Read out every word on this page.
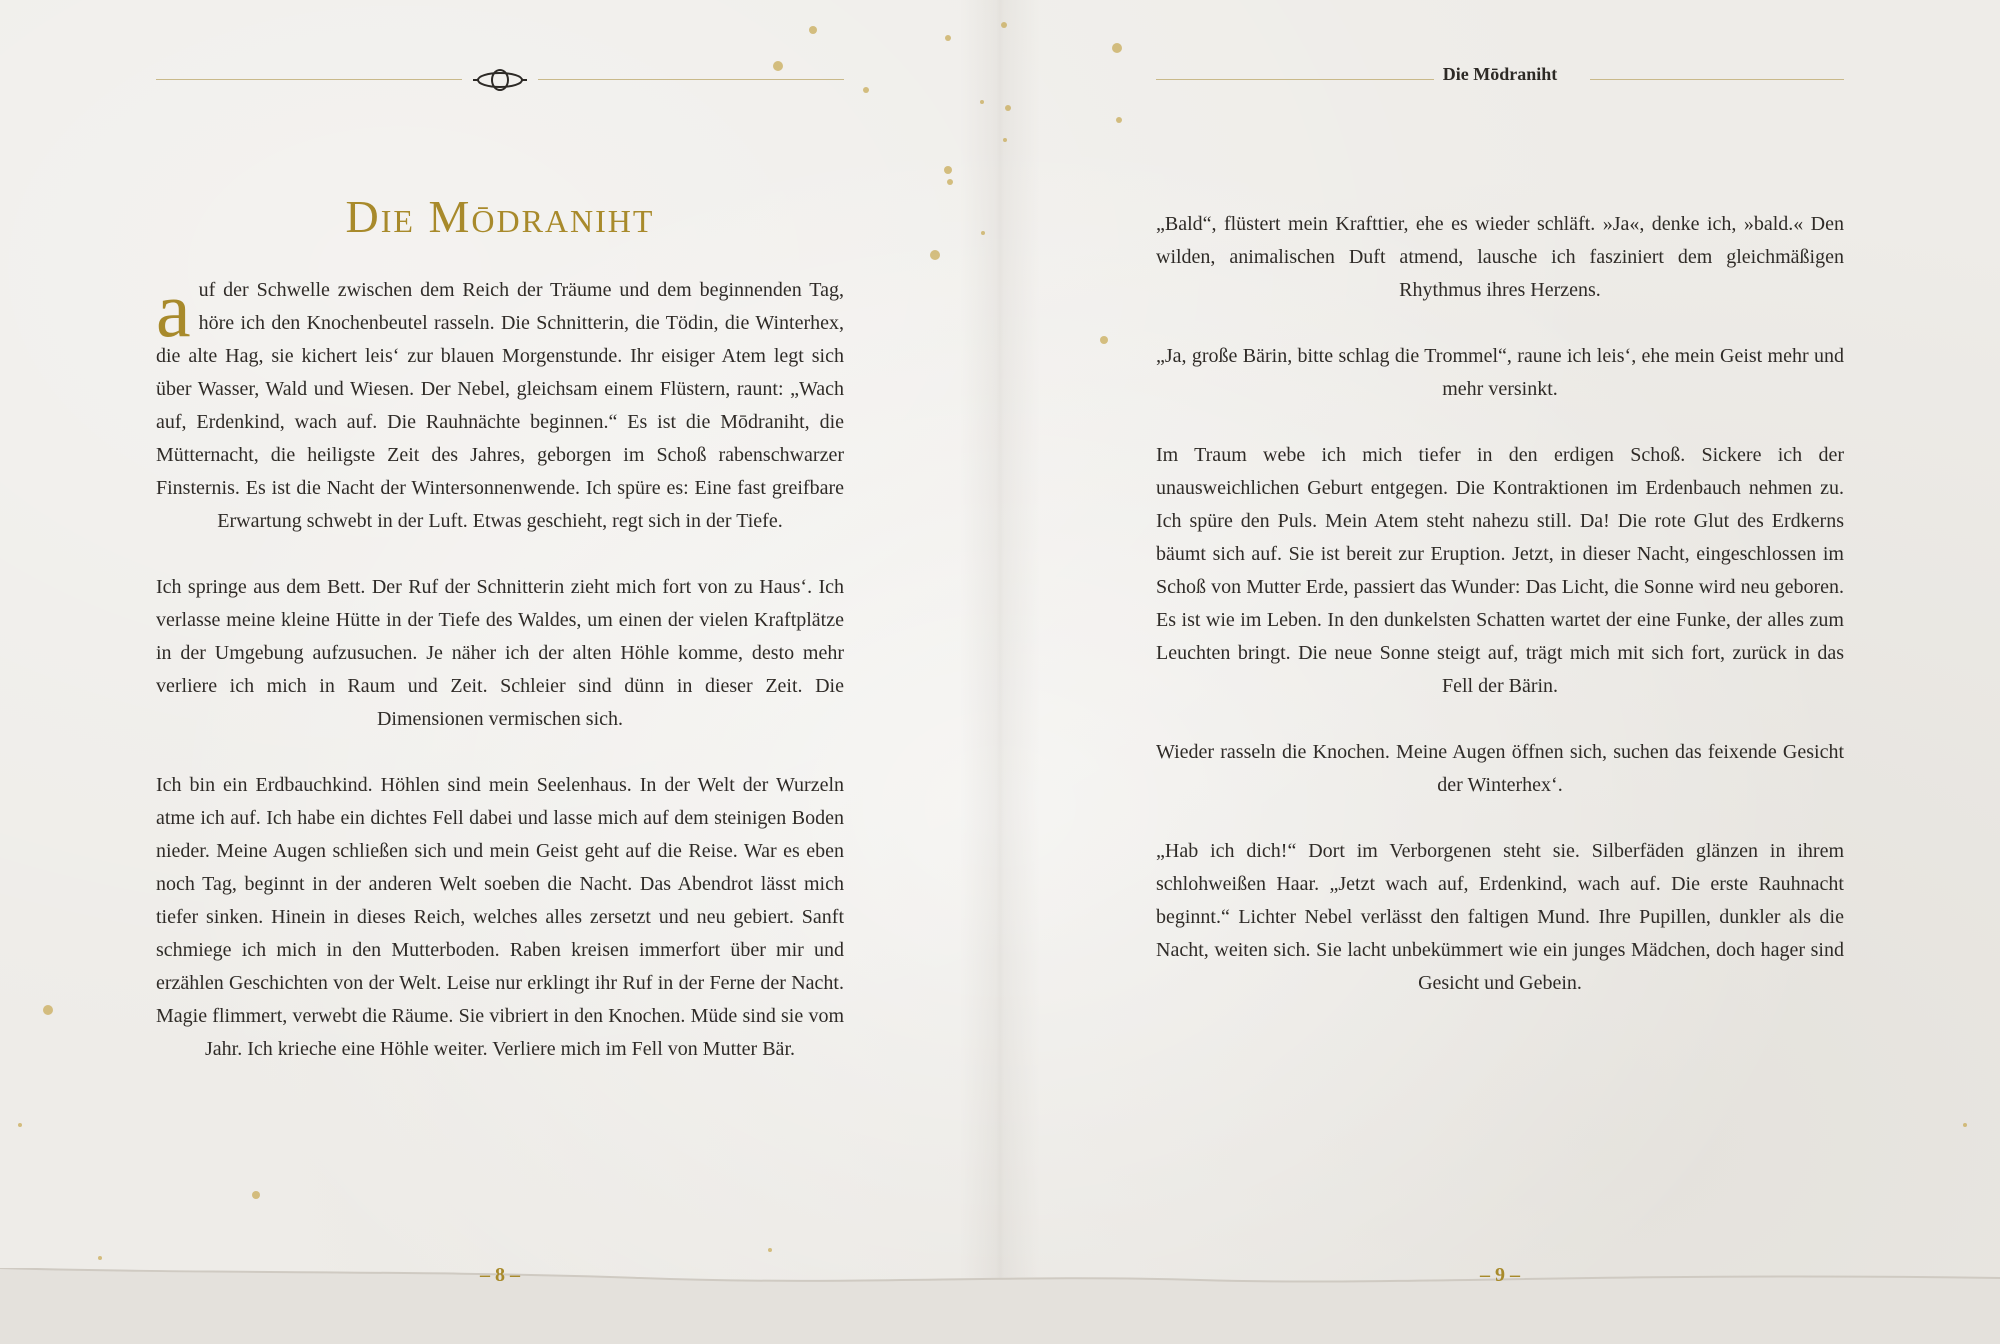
Die Mōdraniht

auf der Schwelle zwischen dem Reich der Träume und dem beginnenden Tag, höre ich den Knochenbeutel rasseln. Die Schnitterin, die Tödin, die Winterhex, die alte Hag, sie kichert leis‘ zur blauen Morgenstunde. Ihr eisiger Atem legt sich über Wasser, Wald und Wiesen. Der Nebel, gleichsam einem Flüstern, raunt: „Wach auf, Erdenkind, wach auf. Die Rauhnächte beginnen.“ Es ist die Mōdraniht, die Mütternacht, die heiligste Zeit des Jahres, geborgen im Schoß rabenschwarzer Finsternis. Es ist die Nacht der Wintersonnenwende. Ich spüre es: Eine fast greifbare Erwartung schwebt in der Luft. Etwas geschieht, regt sich in der Tiefe.

Ich springe aus dem Bett. Der Ruf der Schnitterin zieht mich fort von zu Haus‘. Ich verlasse meine kleine Hütte in der Tiefe des Waldes, um einen der vielen Kraftplätze in der Umgebung aufzusuchen. Je näher ich der alten Höhle komme, desto mehr verliere ich mich in Raum und Zeit. Schleier sind dünn in dieser Zeit. Die Dimensionen vermischen sich.

Ich bin ein Erdbauchkind. Höhlen sind mein Seelenhaus. In der Welt der Wurzeln atme ich auf. Ich habe ein dichtes Fell dabei und lasse mich auf dem steinigen Boden nieder. Meine Augen schließen sich und mein Geist geht auf die Reise. War es eben noch Tag, beginnt in der anderen Welt soeben die Nacht. Das Abendrot lässt mich tiefer sinken. Hinein in dieses Reich, welches alles zersetzt und neu gebiert. Sanft schmiege ich mich in den Mutterboden. Raben kreisen immerfort über mir und erzählen Geschichten von der Welt. Leise nur erklingt ihr Ruf in der Ferne der Nacht. Magie flimmert, verwebt die Räume. Sie vibriert in den Knochen. Müde sind sie vom Jahr. Ich krieche eine Höhle weiter. Verliere mich im Fell von Mutter Bär.

– 8 –
Die Mōdraniht

„Bald“, flüstert mein Krafttier, ehe es wieder schläft. »Ja«, denke ich, »bald.« Den wilden, animalischen Duft atmend, lausche ich fasziniert dem gleichmäßigen Rhythmus ihres Herzens.

„Ja, große Bärin, bitte schlag die Trommel“, raune ich leis‘, ehe mein Geist mehr und mehr versinkt.

Im Traum webe ich mich tiefer in den erdigen Schoß. Sickere ich der unausweichlichen Geburt entgegen. Die Kontraktionen im Erdenbauch nehmen zu. Ich spüre den Puls. Mein Atem steht nahezu still. Da! Die rote Glut des Erdkerns bäumt sich auf. Sie ist bereit zur Eruption. Jetzt, in dieser Nacht, eingeschlossen im Schoß von Mutter Erde, passiert das Wunder: Das Licht, die Sonne wird neu geboren. Es ist wie im Leben. In den dunkelsten Schatten wartet der eine Funke, der alles zum Leuchten bringt. Die neue Sonne steigt auf, trägt mich mit sich fort, zurück in das Fell der Bärin.

Wieder rasseln die Knochen. Meine Augen öffnen sich, suchen das feixende Gesicht der Winterhex‘.

„Hab ich dich!“ Dort im Verborgenen steht sie. Silberfäden glänzen in ihrem schlohweißen Haar. „Jetzt wach auf, Erdenkind, wach auf. Die erste Rauhnacht beginnt.“ Lichter Nebel verlässt den faltigen Mund. Ihre Pupillen, dunkler als die Nacht, weiten sich. Sie lacht unbekümmert wie ein junges Mädchen, doch hager sind Gesicht und Gebein.

– 9 –
